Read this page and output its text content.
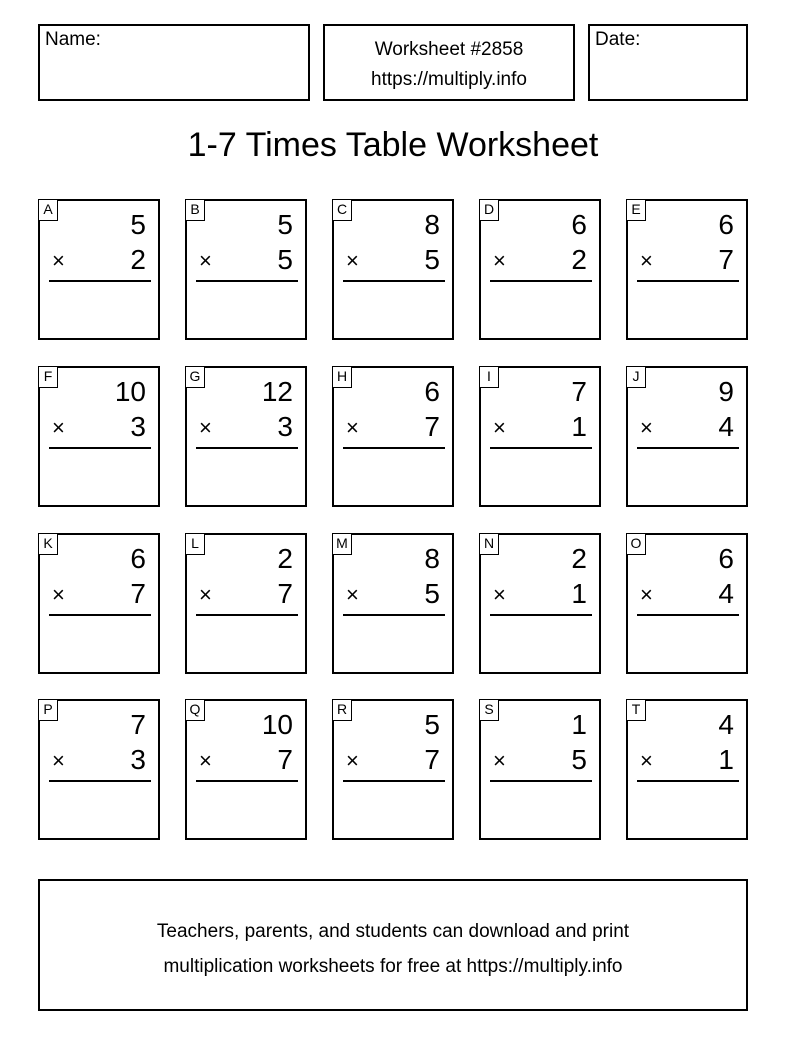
Name:	Worksheet #2858
https://multiply.info
Date:
1-7 Times Table Worksheet
A	5
× 2
B	5
× 5
C	8
× 5
D	6
× 2
E	6
× 7
F 10
× 3
G 12
× 3
H	6
× 7
I	7
× 1
J	9
× 4
K	6
× 7
L	2
× 7
M	8
× 5
N	2
× 1
O	6
× 4
P	7
× 3
Q 10
× 7
R	5
× 7
S	1
× 5
T	4
× 1
Teachers, parents, and students can download and print
multiplication worksheets for free at https://multiply.info
